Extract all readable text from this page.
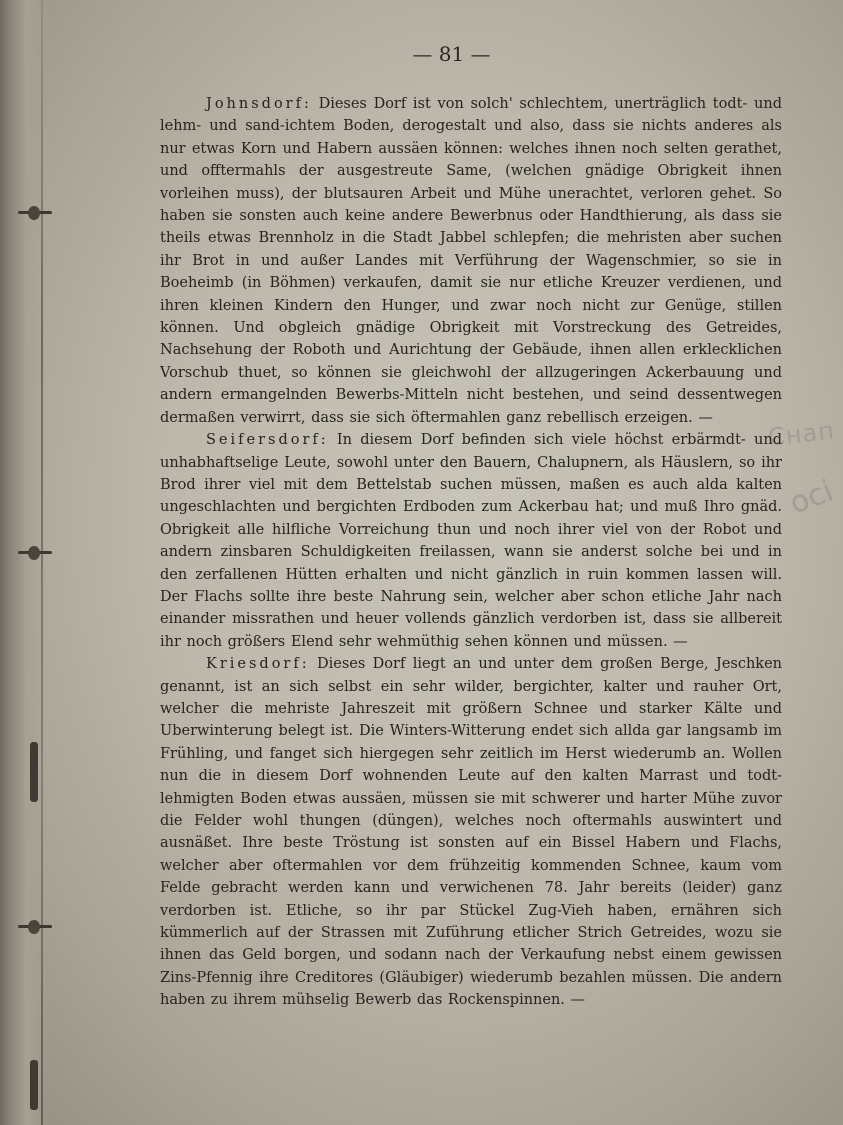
Снап
осі
— 81 —

Johnsdorf: Dieses Dorf ist von solch' schlechtem, unerträglich todt- und lehm- und sand-ichtem Boden, derogestalt und also, dass sie nichts anderes als nur etwas Korn und Habern aussäen können: welches ihnen noch selten gerathet, und offtermahls der ausgestreute Same, (welchen gnädige Obrigkeit ihnen vorleihen muss), der blutsauren Arbeit und Mühe unerachtet, verloren gehet. So haben sie sonsten auch keine andere Bewerbnus oder Handthierung, als dass sie theils etwas Brennholz in die Stadt Jabbel schlepfen; die mehristen aber suchen ihr Brot in und außer Landes mit Verführung der Wagenschmier, so sie in Boeheimb (in Böhmen) verkaufen, damit sie nur etliche Kreuzer verdienen, und ihren kleinen Kindern den Hunger, und zwar noch nicht zur Genüge, stillen können. Und obgleich gnädige Obrigkeit mit Vorstreckung des Getreides, Nachsehung der Roboth und Aurichtung der Gebäude, ihnen allen erklecklichen Vorschub thuet, so können sie gleichwohl der allzugeringen Ackerbauung und andern ermangelnden Bewerbs-Mitteln nicht bestehen, und seind dessentwegen dermaßen verwirrt, dass sie sich öftermahlen ganz rebellisch erzeigen. —

Seifersdorf: In diesem Dorf befinden sich viele höchst erbärmdt- und unhabhaftselige Leute, sowohl unter den Bauern, Chalupnern, als Häuslern, so ihr Brod ihrer viel mit dem Bettelstab suchen müssen, maßen es auch alda kalten ungeschlachten und bergichten Erdboden zum Ackerbau hat; und muß Ihro gnäd. Obrigkeit alle hilfliche Vorreichung thun und noch ihrer viel von der Robot und andern zinsbaren Schuldigkeiten freilassen, wann sie anderst solche bei und in den zerfallenen Hütten erhalten und nicht gänzlich in ruin kommen lassen will. Der Flachs sollte ihre beste Nahrung sein, welcher aber schon etliche Jahr nach einander missrathen und heuer vollends gänzlich verdorben ist, dass sie allbereit ihr noch größers Elend sehr wehmüthig sehen können und müssen. —

Kriesdorf: Dieses Dorf liegt an und unter dem großen Berge, Jeschken genannt, ist an sich selbst ein sehr wilder, bergichter, kalter und rauher Ort, welcher die mehriste Jahreszeit mit größern Schnee und starker Kälte und Uberwinterung belegt ist. Die Winters-Witterung endet sich allda gar langsamb im Frühling, und fanget sich hiergegen sehr zeitlich im Herst wiederumb an. Wollen nun die in diesem Dorf wohnenden Leute auf den kalten Marrast und todt-lehmigten Boden etwas aussäen, müssen sie mit schwerer und harter Mühe zuvor die Felder wohl thungen (düngen), welches noch oftermahls auswintert und ausnäßet. Ihre beste Tröstung ist sonsten auf ein Bissel Habern und Flachs, welcher aber oftermahlen vor dem frühzeitig kommenden Schnee, kaum vom Felde gebracht werden kann und verwichenen 78. Jahr bereits (leider) ganz verdorben ist. Etliche, so ihr par Stückel Zug-Vieh haben, ernähren sich kümmerlich auf der Strassen mit Zuführung etlicher Strich Getreides, wozu sie ihnen das Geld borgen, und sodann nach der Verkaufung nebst einem gewissen Zins-Pfennig ihre Creditores (Gläubiger) wiederumb bezahlen müssen. Die andern haben zu ihrem mühselig Bewerb das Rockenspinnen. —
